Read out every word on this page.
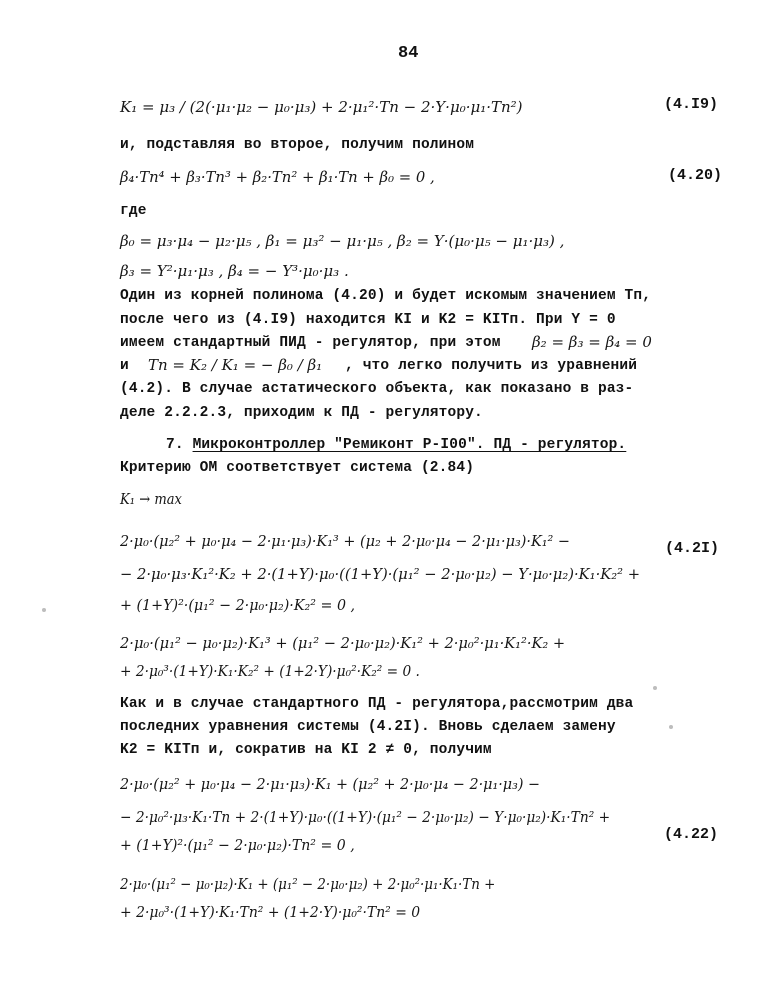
84
K₁ = μ₃ / (2(·μ₁·μ₂ − μ₀·μ₃) + 2·μ₁²·Tп − 2·Y·μ₀·μ₁·Tп²)	(4.I9)
и, подставляя во второе, получим полином
β₄·Tп⁴ + β₃·Tп³ + β₂·Tп² + β₁·Tп + β₀ = 0 ,	(4.20)
где
β₀ = μ₃·μ₄ − μ₂·μ₅ , β₁ = μ₃² − μ₁·μ₅ , β₂ = Y·(μ₀·μ₅ − μ₁·μ₃) ,
β₃ = Y²·μ₁·μ₃ , β₄ = − Y³·μ₀·μ₃ .
Один из корней полинома (4.20) и будет искомым значением Тп,
после чего из (4.I9) находится KI и K2 = KIТп. При Y = 0
имеем стандартный ПИД - регулятор, при этом β₂ = β₃ = β₄ = 0
и Tп = K₂ / K₁ = − β₀ / β₁ , что легко получить из уравнений
(4.2). В случае астатического объекта, как показано в раз-
деле 2.2.2.3, приходим к ПД - регулятору.
7. Микроконтроллер "Ремиконт Р-I00". ПД - регулятор.
Критерию ОМ соответствует система (2.84)
K₁ → max
2·μ₀·(μ₂² + μ₀·μ₄ − 2·μ₁·μ₃)·K₁³ + (μ₂ + 2·μ₀·μ₄ − 2·μ₁·μ₃)·K₁² −	(4.2I)
− 2·μ₀·μ₃·K₁²·K₂ + 2·(1+Y)·μ₀·((1+Y)·(μ₁² − 2·μ₀·μ₂) − Y·μ₀·μ₂)·K₁·K₂² +
+ (1+Y)²·(μ₁² − 2·μ₀·μ₂)·K₂² = 0 ,
2·μ₀·(μ₁² − μ₀·μ₂)·K₁³ + (μ₁² − 2·μ₀·μ₂)·K₁² + 2·μ₀²·μ₁·K₁²·K₂ +
+ 2·μ₀³·(1+Y)·K₁·K₂² + (1+2·Y)·μ₀²·K₂² = 0 .
Как и в случае стандартного ПД - регулятора,рассмотрим два
последних уравнения системы (4.2I). Вновь сделаем замену
K2 = KIТп и, сократив на KI 2 ≠ 0, получим
2·μ₀·(μ₂² + μ₀·μ₄ − 2·μ₁·μ₃)·K₁ + (μ₂² + 2·μ₀·μ₄ − 2·μ₁·μ₃) −
− 2·μ₀²·μ₃·K₁·Tп + 2·(1+Y)·μ₀·((1+Y)·(μ₁² − 2·μ₀·μ₂) − Y·μ₀·μ₂)·K₁·Tп² +
+ (1+Y)²·(μ₁² − 2·μ₀·μ₂)·Tп² = 0 ,
(4.22)
2·μ₀·(μ₁² − μ₀·μ₂)·K₁ + (μ₁² − 2·μ₀·μ₂) + 2·μ₀²·μ₁·K₁·Tп +
+ 2·μ₀³·(1+Y)·K₁·Tп² + (1+2·Y)·μ₀²·Tп² = 0
